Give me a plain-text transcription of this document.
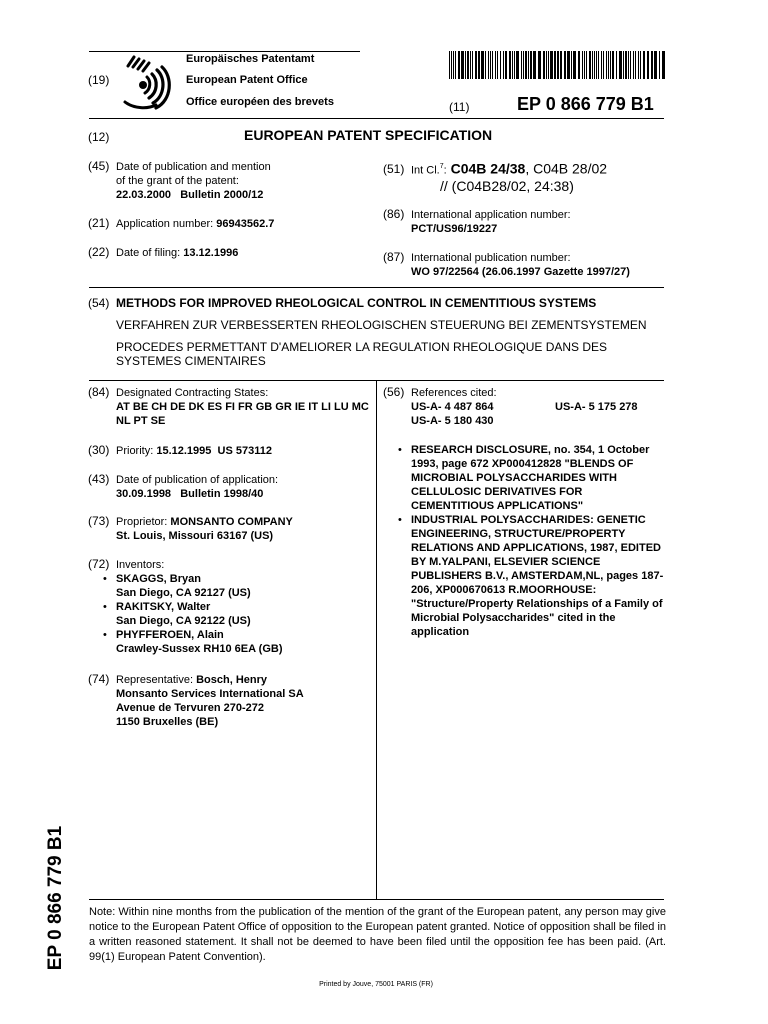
(19)
Europäisches Patentamt
European Patent Office
Office européen des brevets	(11)	EP 0 866 779 B1
(12)	EUROPEAN PATENT SPECIFICATION
(45) Date of publication and mention
of the grant of the patent:
22.03.2000   Bulletin 2000/12
(21) Application number: 96943562.7
(22) Date of filing: 13.12.1996
(51) Int Cl.$^7$: C04B 24/38, C04B 28/02
// (C04B28/02, 24:38)
(86) International application number:
PCT/US96/19227
(87) International publication number:
WO 97/22564 (26.06.1997 Gazette 1997/27)
(54) METHODS FOR IMPROVED RHEOLOGICAL CONTROL IN CEMENTITIOUS SYSTEMS
VERFAHREN ZUR VERBESSERTEN RHEOLOGISCHEN STEUERUNG BEI ZEMENTSYSTEMEN
PROCEDES PERMETTANT D'AMELIORER LA REGULATION RHEOLOGIQUE DANS DES SYSTEMES CIMENTAIRES
(84) Designated Contracting States:
AT BE CH DE DK ES FI FR GB GR IE IT LI LU MC NL PT SE
(30) Priority: 15.12.1995  US 573112
(43) Date of publication of application:
30.09.1998   Bulletin 1998/40
(73) Proprietor: MONSANTO COMPANY
St. Louis, Missouri 63167 (US)
(72) Inventors:
• SKAGGS, Bryan
San Diego, CA 92127 (US)
• RAKITSKY, Walter
San Diego, CA 92122 (US)
• PHYFFEROEN, Alain
Crawley-Sussex RH10 6EA (GB)
(74) Representative: Bosch, Henry
Monsanto Services International SA
Avenue de Tervuren 270-272
1150 Bruxelles (BE)
(56) References cited:
US-A- 4 487 864	US-A- 5 175 278
US-A- 5 180 430
• RESEARCH DISCLOSURE, no. 354, 1 October 1993, page 672 XP000412828 "BLENDS OF MICROBIAL POLYSACCHARIDES WITH CELLULOSIC DERIVATIVES FOR CEMENTITIOUS APPLICATIONS"
• INDUSTRIAL POLYSACCHARIDES: GENETIC ENGINEERING, STRUCTURE/PROPERTY RELATIONS AND APPLICATIONS, 1987, EDITED BY M.YALPANI, ELSEVIER SCIENCE PUBLISHERS B.V., AMSTERDAM,NL, pages 187-206, XP000670613 R.MOORHOUSE: "Structure/Property Relationships of a Family of Microbial Polysaccharides" cited in the application
EP 0 866 779 B1 Note: Within nine months from the publication of the mention of the grant of the European patent, any person may give notice to the European Patent Office of opposition to the European patent granted. Notice of opposition shall be filed in a written reasoned statement. It shall not be deemed to have been filed until the opposition fee has been paid. (Art. 99(1) European Patent Convention).
Printed by Jouve, 75001 PARIS (FR)
